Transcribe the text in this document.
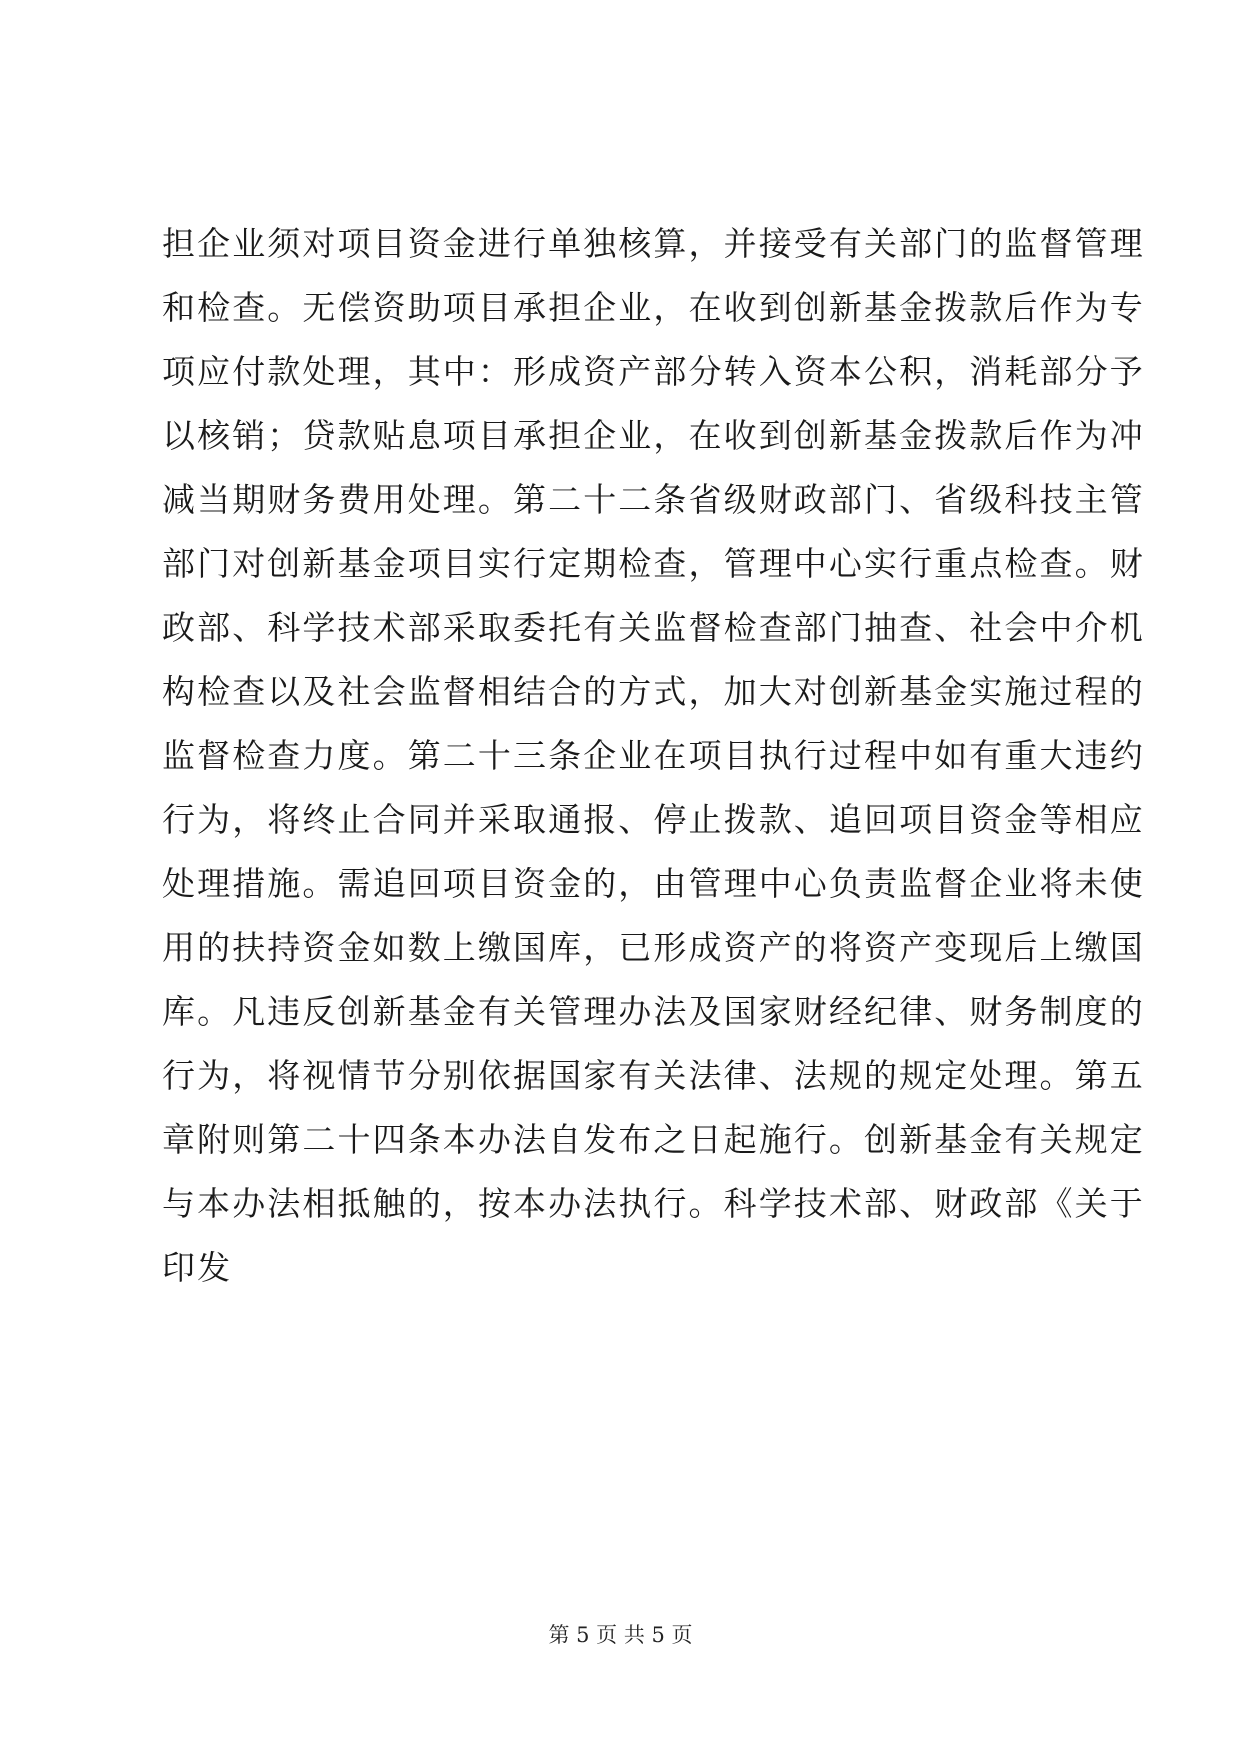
担企业须对项目资金进行单独核算，并接受有关部门的监督管理
和检查。无偿资助项目承担企业，在收到创新基金拨款后作为专
项应付款处理，其中：形成资产部分转入资本公积，消耗部分予
以核销；贷款贴息项目承担企业，在收到创新基金拨款后作为冲
减当期财务费用处理。第二十二条省级财政部门、省级科技主管
部门对创新基金项目实行定期检查，管理中心实行重点检查。财
政部、科学技术部采取委托有关监督检查部门抽查、社会中介机
构检查以及社会监督相结合的方式，加大对创新基金实施过程的
监督检查力度。第二十三条企业在项目执行过程中如有重大违约
行为，将终止合同并采取通报、停止拨款、追回项目资金等相应
处理措施。需追回项目资金的，由管理中心负责监督企业将未使
用的扶持资金如数上缴国库，已形成资产的将资产变现后上缴国
库。凡违反创新基金有关管理办法及国家财经纪律、财务制度的
行为，将视情节分别依据国家有关法律、法规的规定处理。第五
章附则第二十四条本办法自发布之日起施行。创新基金有关规定
与本办法相抵触的，按本办法执行。科学技术部、财政部《关于
印发
第 5 页 共 5 页
